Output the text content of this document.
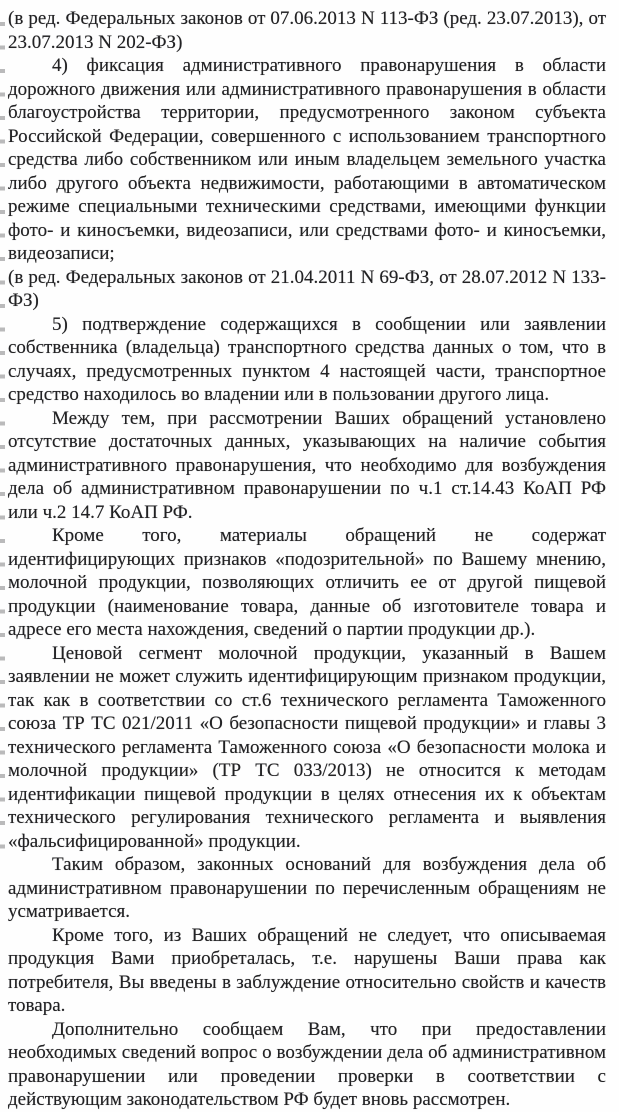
(в ред. Федеральных законов от 07.06.2013 N 113-ФЗ (ред. 23.07.2013), от 23.07.2013 N 202-ФЗ)

4) фиксация административного правонарушения в области дорожного движения или административного правонарушения в области благоустройства территории, предусмотренного законом субъекта Российской Федерации, совершенного с использованием транспортного средства либо собственником или иным владельцем земельного участка либо другого объекта недвижимости, работающими в автоматическом режиме специальными техническими средствами, имеющими функции фото- и киносъемки, видеозаписи, или средствами фото- и киносъемки, видеозаписи;

(в ред. Федеральных законов от 21.04.2011 N 69-ФЗ, от 28.07.2012 N 133-ФЗ)

5) подтверждение содержащихся в сообщении или заявлении собственника (владельца) транспортного средства данных о том, что в случаях, предусмотренных пунктом 4 настоящей части, транспортное средство находилось во владении или в пользовании другого лица.

Между тем, при рассмотрении Ваших обращений установлено отсутствие достаточных данных, указывающих на наличие события административного правонарушения, что необходимо для возбуждения дела об административном правонарушении по ч.1 ст.14.43 КоАП РФ или ч.2 14.7 КоАП РФ.

Кроме того, материалы обращений не содержат идентифицирующих признаков «подозрительной» по Вашему мнению, молочной продукции, позволяющих отличить ее от другой пищевой продукции (наименование товара, данные об изготовителе товара и адресе его места нахождения, сведений о партии продукции др.).

Ценовой сегмент молочной продукции, указанный в Вашем заявлении не может служить идентифицирующим признаком продукции, так как в соответствии со ст.6 технического регламента Таможенного союза ТР ТС 021/2011 «О безопасности пищевой продукции» и главы 3 технического регламента Таможенного союза «О безопасности молока и молочной продукции» (ТР ТС 033/2013) не относится к методам идентификации пищевой продукции в целях отнесения их к объектам технического регулирования технического регламента и выявления «фальсифицированной» продукции.

Таким образом, законных оснований для возбуждения дела об административном правонарушении по перечисленным обращениям не усматривается.

Кроме того, из Ваших обращений не следует, что описываемая продукция Вами приобреталась, т.е. нарушены Ваши права как потребителя, Вы введены в заблуждение относительно свойств и качеств товара.

Дополнительно сообщаем Вам, что при предоставлении необходимых сведений вопрос о возбуждении дела об административном правонарушении или проведении проверки в соответствии с действующим законодательством РФ будет вновь рассмотрен.
